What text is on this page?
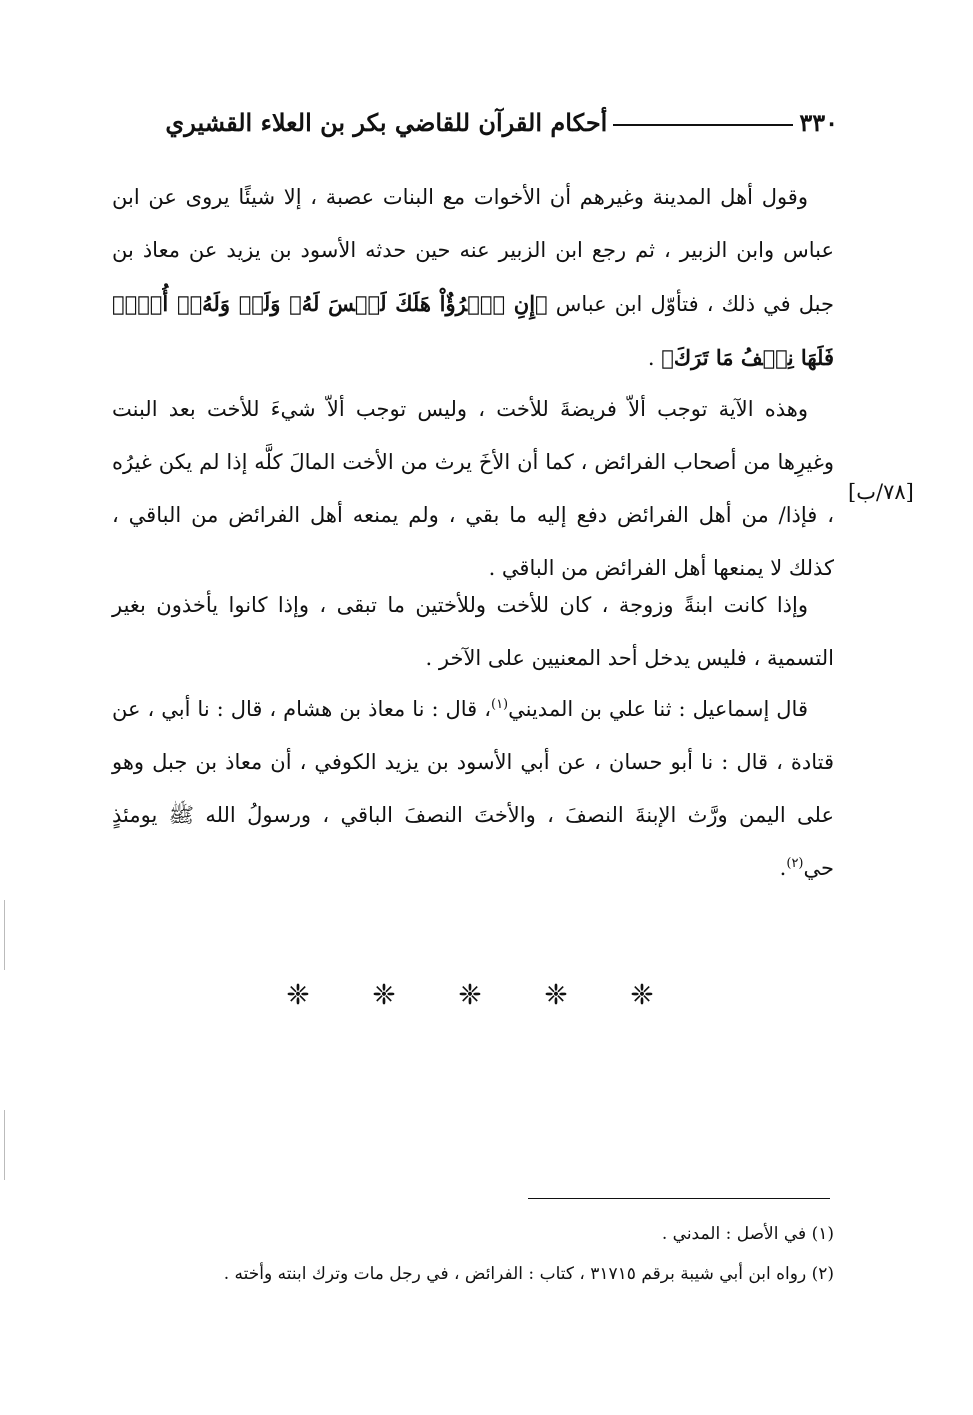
٣٣٠
أحكام القرآن للقاضي بكر بن العلاء القشيري
وقول أهل المدينة وغيرهم أن الأخوات مع البنات عصبة ، إلا شيئًا يروى عن ابن عباس وابن الزبير ، ثم رجع ابن الزبير عنه حين حدثه الأسود بن يزيد عن معاذ بن جبل في ذلك ، فتأوّل ابن عباس ﴿إِنِ ٱمۡرُؤٌاْ هَلَكَ لَيۡسَ لَهُۥ وَلَدٞ وَلَهُۥٓ أُخۡتٞ فَلَهَا نِصۡفُ مَا تَرَكَ﴾ .
وهذه الآية توجب ألاّ فريضةَ للأخت ، وليس توجب ألاّ شيءَ للأخت بعد البنت وغيرِها من أصحاب الفرائض ، كما أن الأخَ يرث من الأخت المالَ كلَّه إذا لم يكن غيرُه ، فإذا/ من أهل الفرائض دفع إليه ما بقي ، ولم يمنعه أهل الفرائض من الباقي ، كذلك لا يمنعها أهل الفرائض من الباقي .
[٧٨/ب]
وإذا كانت ابنةً وزوجة ، كان للأخت وللأختين ما تبقى ، وإذا كانوا يأخذون بغير التسمية ، فليس يدخل أحد المعنيين على الآخر .
قال إسماعيل : ثنا علي بن المديني$^{(١)}$، قال : نا معاذ بن هشام ، قال : نا أبي ، عن قتادة ، قال : نا أبو حسان ، عن أبي الأسود بن يزيد الكوفي ، أن معاذ بن جبل وهو على اليمن ورَّث الإبنةَ النصفَ ، والأختَ النصفَ الباقي ، ورسولُ الله ﷺ يومئذٍ حي$^{(٢)}$.
❈ ❈ ❈ ❈ ❈
(١) في الأصل : المدني .
(٢) رواه ابن أبي شيبة برقم ٣١٧١٥ ، كتاب : الفرائض ، في رجل مات وترك ابنته وأخته .
